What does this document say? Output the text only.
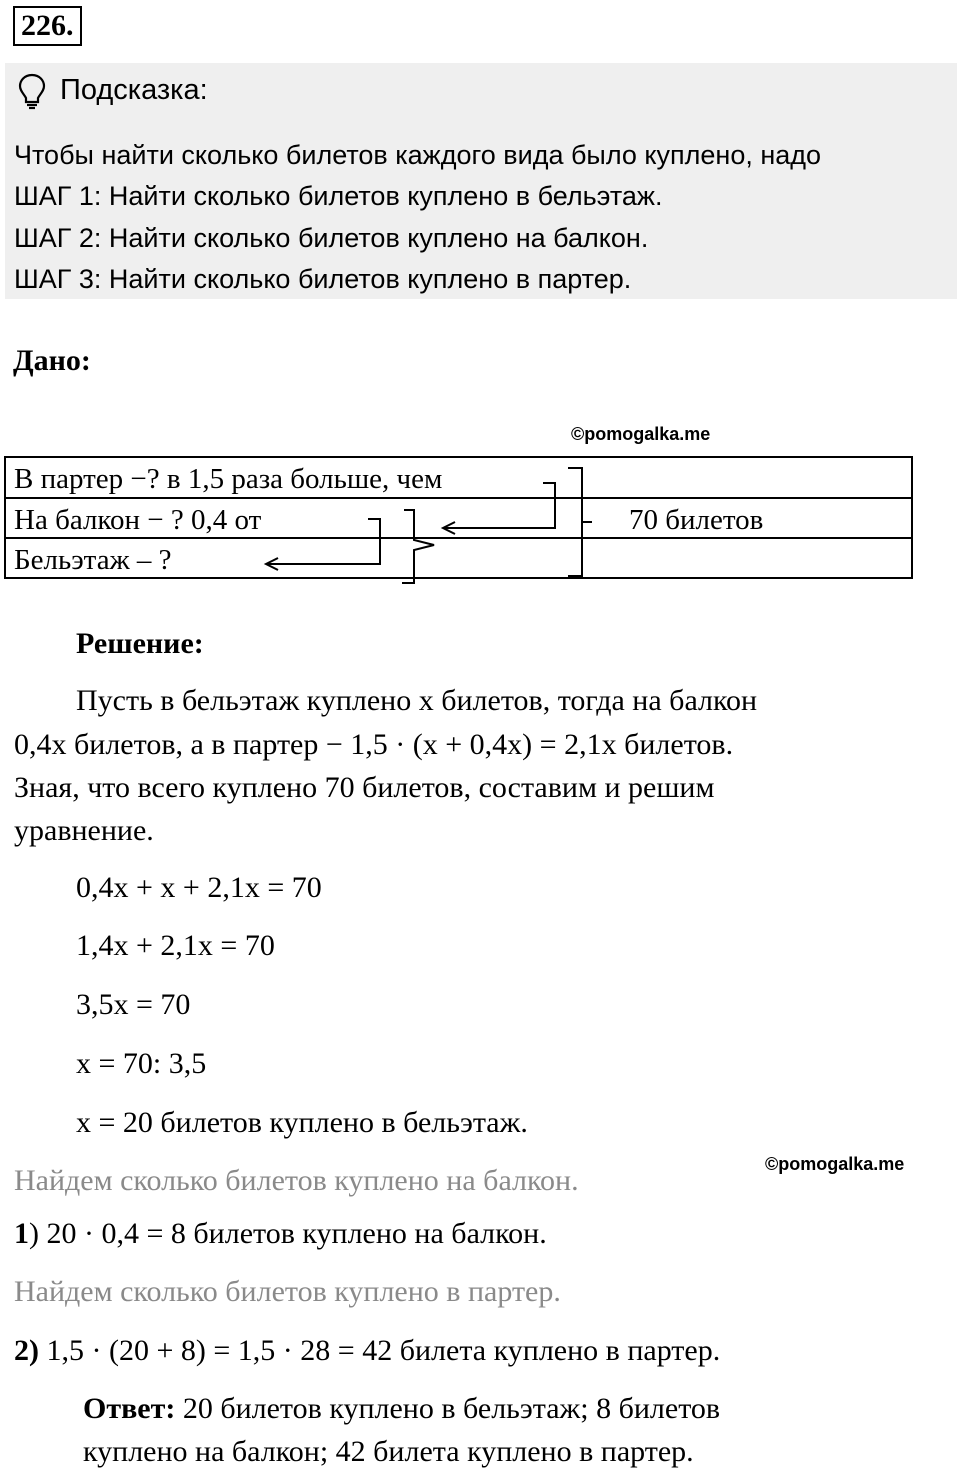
226.
Подсказка:
Чтобы найти сколько билетов каждого вида было куплено, надо
ШАГ 1: Найти сколько билетов куплено в бельэтаж.
ШАГ 2: Найти сколько билетов куплено на балкон.
ШАГ 3: Найти сколько билетов куплено в партер.
Дано:
©pomogalka.me
В партер −? в 1,5 раза больше, чем
На балкон − ? 0,4 от
Бельэтаж – ?
70 билетов
Решение:
Пусть в бельэтаж куплено x билетов, тогда на балкон
0,4x билетов, а в партер − 1,5 · (x + 0,4x) = 2,1x билетов.
Зная, что всего куплено 70 билетов, составим и решим
уравнение.
0,4x + x + 2,1x = 70
1,4x + 2,1x = 70
3,5x = 70
x = 70: 3,5
x = 20 билетов куплено в бельэтаж.
©pomogalka.me
Найдем сколько билетов куплено на балкон.
1) 20 · 0,4 = 8 билетов куплено на балкон.
Найдем сколько билетов куплено в партер.
2) 1,5 · (20 + 8) = 1,5 · 28 = 42 билета куплено в партер.
Ответ: 20 билетов куплено в бельэтаж; 8 билетов
куплено на балкон; 42 билета куплено в партер.
